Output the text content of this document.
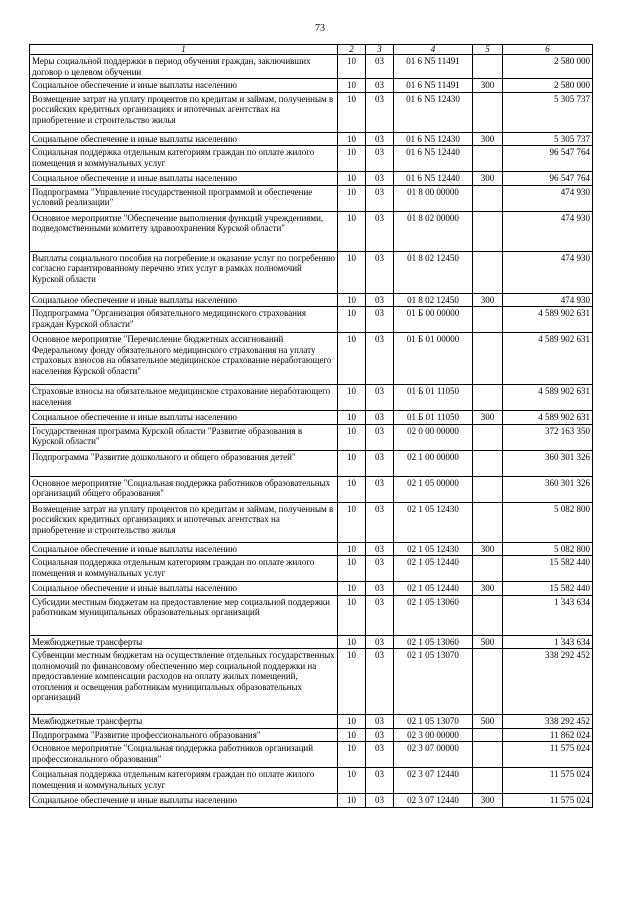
73
1	2	3	4	5	6
Меры социальной поддержки в период обучения граждан, заключивших договор о целевом обучении	10	03	01 6 N5 11491		2 580 000
Социальное обеспечение и иные выплаты населению	10	03	01 6 N5 11491	300	2 580 000
Возмещение затрат на уплату процентов по кредитам и займам, полученным в российских кредитных организациях и ипотечных агентствах на приобретение и строительство жилья	10	03	01 6 N5 12430		5 305 737
Социальное обеспечение и иные выплаты населению	10	03	01 6 N5 12430	300	5 305 737
Социальная поддержка отдельным категориям граждан по оплате жилого помещения и коммунальных услуг	10	03	01 6 N5 12440		96 547 764
Социальное обеспечение и иные выплаты населению	10	03	01 6 N5 12440	300	96 547 764
Подпрограмма "Управление государственной программой и обеспечение условий реализации"	10	03	01 8 00 00000		474 930
Основное мероприятие "Обеспечение выполнения функций учреждениями, подведомственными комитету здравоохранения Курской области"	10	03	01 8 02 00000		474 930
Выплаты социального пособия на погребение и оказание услуг по погребению согласно гарантированному перечню этих услуг в рамках полномочий Курской области	10	03	01 8 02 12450		474 930
Социальное обеспечение и иные выплаты населению	10	03	01 8 02 12450	300	474 930
Подпрограмма "Организация обязательного медицинского страхования граждан Курской области"	10	03	01 Б 00 00000		4 589 902 631
Основное мероприятие "Перечисление бюджетных ассигнований Федеральному фонду обязательного медицинского страхования на уплату страховых взносов на обязательное медицинское страхование неработающего населения Курской области"	10	03	01 Б 01 00000		4 589 902 631
Страховые взносы на обязательное медицинское страхование неработающего населения	10	03	01 Б 01 11050		4 589 902 631
Социальное обеспечение и иные выплаты населению	10	03	01 Б 01 11050	300	4 589 902 631
Государственная программа Курской области "Развитие образования в Курской области"	10	03	02 0 00 00000		372 163 350
Подпрограмма "Развитие дошкольного и общего образования детей"	10	03	02 1 00 00000		360 301 326
Основное мероприятие "Социальная поддержка работников образовательных организаций общего образования"	10	03	02 1 05 00000		360 301 326
Возмещение затрат на уплату процентов по кредитам и займам, полученным в российских кредитных организациях и ипотечных агентствах на приобретение и строительство жилья	10	03	02 1 05 12430		5 082 800
Социальное обеспечение и иные выплаты населению	10	03	02 1 05 12430	300	5 082 800
Социальная поддержка отдельным категориям граждан по оплате жилого помещения и коммунальных услуг	10	03	02 1 05 12440		15 582 440
Социальное обеспечение и иные выплаты населению	10	03	02 1 05 12440	300	15 582 440
Субсидии местным бюджетам на предоставление мер социальной поддержки работникам муниципальных образовательных организаций	10	03	02 1 05 13060		1 343 634
Межбюджетные трансферты	10	03	02 1 05 13060	500	1 343 634
Субвенции местным бюджетам на осуществление отдельных государственных полномочий по финансовому обеспечению мер социальной поддержки на предоставление компенсации расходов на оплату жилых помещений, отопления и освещения работникам муниципальных образовательных организаций	10	03	02 1 05 13070		338 292 452
Межбюджетные трансферты	10	03	02 1 05 13070	500	338 292 452
Подпрограмма "Развитие профессионального образования"	10	03	02 3 00 00000		11 862 024
Основное мероприятие "Социальная поддержка работников организаций профессионального образования"	10	03	02 3 07 00000		11 575 024
Социальная поддержка отдельным категориям граждан по оплате жилого помещения и коммунальных услуг	10	03	02 3 07 12440		11 575 024
Социальное обеспечение и иные выплаты населению	10	03	02 3 07 12440	300	11 575 024
